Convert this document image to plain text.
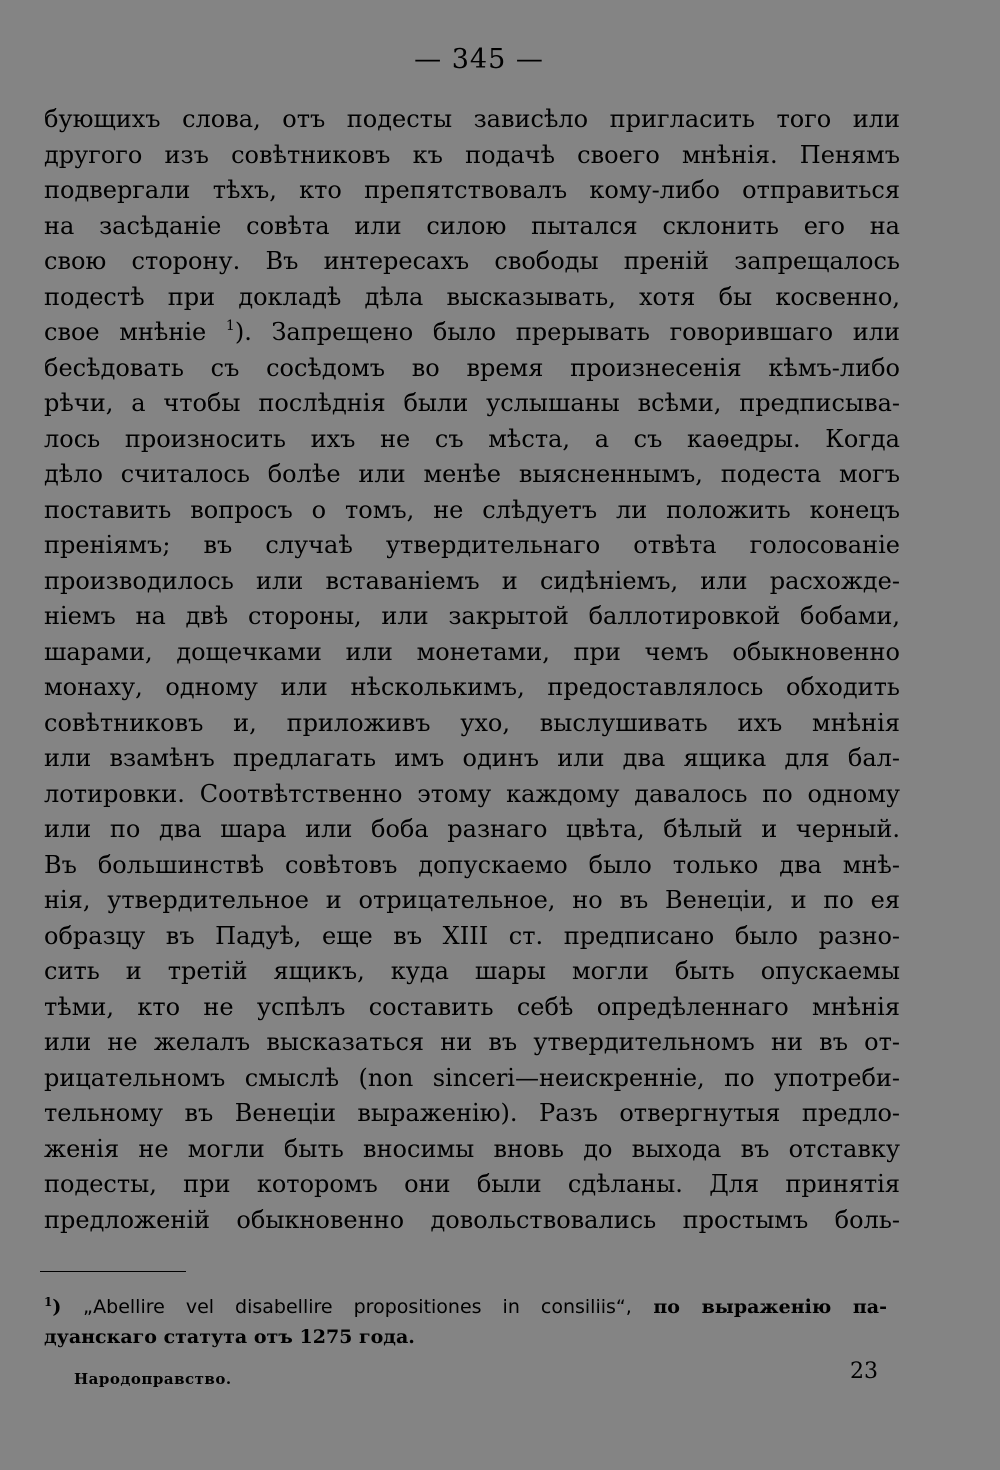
— 345 —
бующихъ слова, отъ подесты зависѣло пригласить того или
другого изъ совѣтниковъ къ подачѣ своего мнѣнія. Пенямъ
подвергали тѣхъ, кто препятствовалъ кому-либо отправиться
на засѣданіе совѣта или силою пытался склонить его на
свою сторону. Въ интересахъ свободы преній запрещалось
подестѣ при докладѣ дѣла высказывать, хотя бы косвенно,
свое мнѣніе $^1$). Запрещено было прерывать говорившаго или
бесѣдовать съ сосѣдомъ во время произнесенія кѣмъ-либо
рѣчи, а чтобы послѣднія были услышаны всѣми, предписыва-
лось произносить ихъ не съ мѣста, а съ каѳедры. Когда
дѣло считалось болѣе или менѣе выясненнымъ, подеста могъ
поставить вопросъ о томъ, не слѣдуетъ ли положить конецъ
преніямъ; въ случаѣ утвердительнаго отвѣта голосованіе
производилось или вставаніемъ и сидѣніемъ, или расхожде-
ніемъ на двѣ стороны, или закрытой баллотировкой бобами,
шарами, дощечками или монетами, при чемъ обыкновенно
монаху, одному или нѣсколькимъ, предоставлялось обходить
совѣтниковъ и, приложивъ ухо, выслушивать ихъ мнѣнія
или взамѣнъ предлагать имъ одинъ или два ящика для бал-
лотировки. Соотвѣтственно этому каждому давалось по одному
или по два шара или боба разнаго цвѣта, бѣлый и черный.
Въ большинствѣ совѣтовъ допускаемо было только два мнѣ-
нія, утвердительное и отрицательное, но въ Венеціи, и по ея
образцу въ Падуѣ, еще въ XIII ст. предписано было разно-
сить и третій ящикъ, куда шары могли быть опускаемы
тѣми, кто не успѣлъ составить себѣ опредѣленнаго мнѣнія
или не желалъ высказаться ни въ утвердительномъ ни въ от-
рицательномъ смыслѣ (non sinceri—неискренніе, по употреби-
тельному въ Венеціи выраженію). Разъ отвергнутыя предло-
женія не могли быть вносимы вновь до выхода въ отставку
подесты, при которомъ они были сдѣланы. Для принятія
предложеній обыкновенно довольствовались простымъ боль-
$^1$) „Abellire vel disabellire propositiones in consiliis“, по выраженію па-
дуанскаго статута отъ 1275 года.
Народоправство.	23
